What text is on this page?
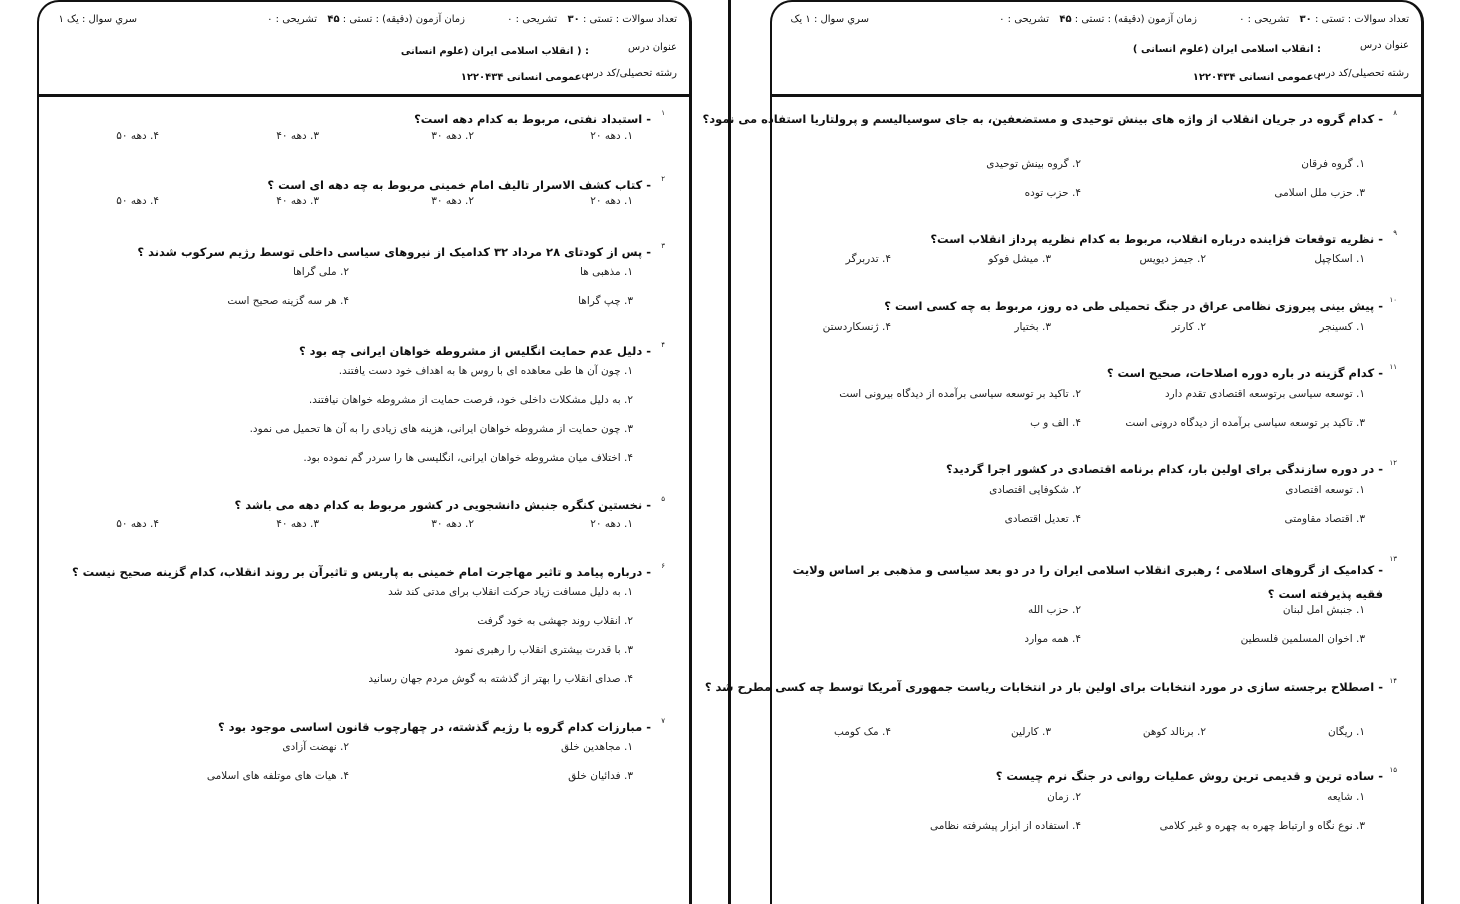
تعداد سوالات : تستی : ۳۰
تشریحی : ۰
زمان آزمون (دقیقه) : تستی : ۴۵
تشریحی : ۰
سري سوال : يک ۱
عنوان درس
: ( انقلاب اسلامی ایران (علوم انسانی
رشته تحصیلی/کد درس
: عمومی انسانی ۱۲۲۰۴۳۴
۱
- استبداد نفتی، مربوط به کدام دهه است؟
۱. دهه ۲۰
۲. دهه ۳۰
۳. دهه ۴۰
۴. دهه ۵۰
۲
- کتاب کشف الاسرار تالیف امام خمینی مربوط به چه دهه ای است ؟
۱. دهه ۲۰
۲. دهه ۳۰
۳. دهه ۴۰
۴. دهه ۵۰
۳
- پس از کودتای ۲۸ مرداد ۳۲ کدامیک از نیروهای سیاسی داخلی توسط رژیم سرکوب شدند ؟
۱. مذهبی ها
۲. ملی گراها
۳. چپ گراها
۴. هر سه گزینه صحیح است
۴
- دلیل عدم حمایت انگلیس از مشروطه خواهان ایرانی چه بود ؟
۱. چون آن ها طی معاهده ای با روس ها به اهداف خود دست یافتند.
۲. به دلیل مشکلات داخلی خود، فرصت حمایت از مشروطه خواهان نیافتند.
۳. چون حمایت از مشروطه خواهان ایرانی، هزینه های زیادی را به آن ها تحمیل می نمود.
۴. اختلاف میان مشروطه خواهان ایرانی، انگلیسی ها را سردر گم نموده بود.
۵
- نخستین کنگره جنبش دانشجویی در کشور مربوط به کدام دهه می باشد ؟
۱. دهه ۲۰
۲. دهه ۳۰
۳. دهه ۴۰
۴. دهه ۵۰
۶
- درباره پیامد و تاثیر مهاجرت امام خمینی به پاریس و تاثیرآن بر روند انقلاب، کدام گزینه صحیح نیست ؟
۱. به دلیل مسافت زیاد حرکت انقلاب برای مدتی کند شد
۲. انقلاب روند جهشی به خود گرفت
۳. با قدرت بیشتری انقلاب را رهبری نمود
۴. صدای انقلاب را بهتر از گذشته به گوش مردم جهان رسانید
۷
- مبارزات کدام گروه با رژیم گذشته، در چهارچوب قانون اساسی موجود بود ؟
۱. مجاهدین خلق
۲. نهضت آزادی
۳. فدائیان خلق
۴. هیات های موتلفه های اسلامی
تعداد سوالات : تستی : ۳۰
تشریحی : ۰
زمان آزمون (دقیقه) : تستی : ۴۵
تشریحی : ۰
سري سوال : ۱ يک
عنوان درس
: انقلاب اسلامی ایران (علوم انسانی )
رشته تحصیلی/کد درس
: عمومی انسانی ۱۲۲۰۴۳۴
۸
- کدام گروه در جریان انقلاب از واژه های بینش توحیدی و مستضعفین، به جای سوسیالیسم و پرولتاریا استفاده می نمود؟
۱. گروه فرقان
۲. گروه بینش توحیدی
۳. حزب ملل اسلامی
۴. حزب توده
۹
- نظریه توقعات فزاینده درباره انقلاب، مربوط به کدام نظریه پرداز انقلاب است؟
۱. اسکاچپل
۲. جیمز دیویس
۳. میشل فوکو
۴. تدربرگر
۱۰
- پیش بینی پیروزی نظامی عراق در جنگ تحمیلی طی ده روز، مربوط به چه کسی است ؟
۱. کسینجر
۲. کارتر
۳. بختیار
۴. ژنسکاردستن
۱۱
- کدام گزینه در باره دوره اصلاحات، صحیح است ؟
۱. توسعه سیاسی برتوسعه اقتصادی تقدم دارد
۲. تاکید بر توسعه سیاسی برآمده از دیدگاه بیرونی است
۳. تاکید بر توسعه سیاسی برآمده از دیدگاه درونی است
۴. الف و ب
۱۲
- در دوره سازندگی برای اولین بار، کدام برنامه اقتصادی در کشور اجرا گردید؟
۱. توسعه اقتصادی
۲. شکوفایی اقتصادی
۳. اقتصاد مقاومتی
۴. تعدیل اقتصادی
۱۳
- کدامیک از گروهای اسلامی ؛ رهبری انقلاب اسلامی ایران را در دو بعد سیاسی و مذهبی بر اساس ولایت فقیه پذیرفته است ؟
۱. جنبش امل لبنان
۲. حزب الله
۳. اخوان المسلمین فلسطین
۴. همه موارد
۱۴
- اصطلاح برجسته سازی در مورد انتخابات برای اولین بار در انتخابات ریاست جمهوری آمریکا توسط چه کسی مطرح شد ؟
۱. ریگان
۲. برنالد کوهن
۳. کارلین
۴. مک کومب
۱۵
- ساده ترین و قدیمی ترین روش عملیات روانی در جنگ نرم چیست ؟
۱. شایعه
۲. زمان
۳. نوع نگاه و ارتباط چهره به چهره و غیر کلامی
۴. استفاده از ابزار پیشرفته نظامی
